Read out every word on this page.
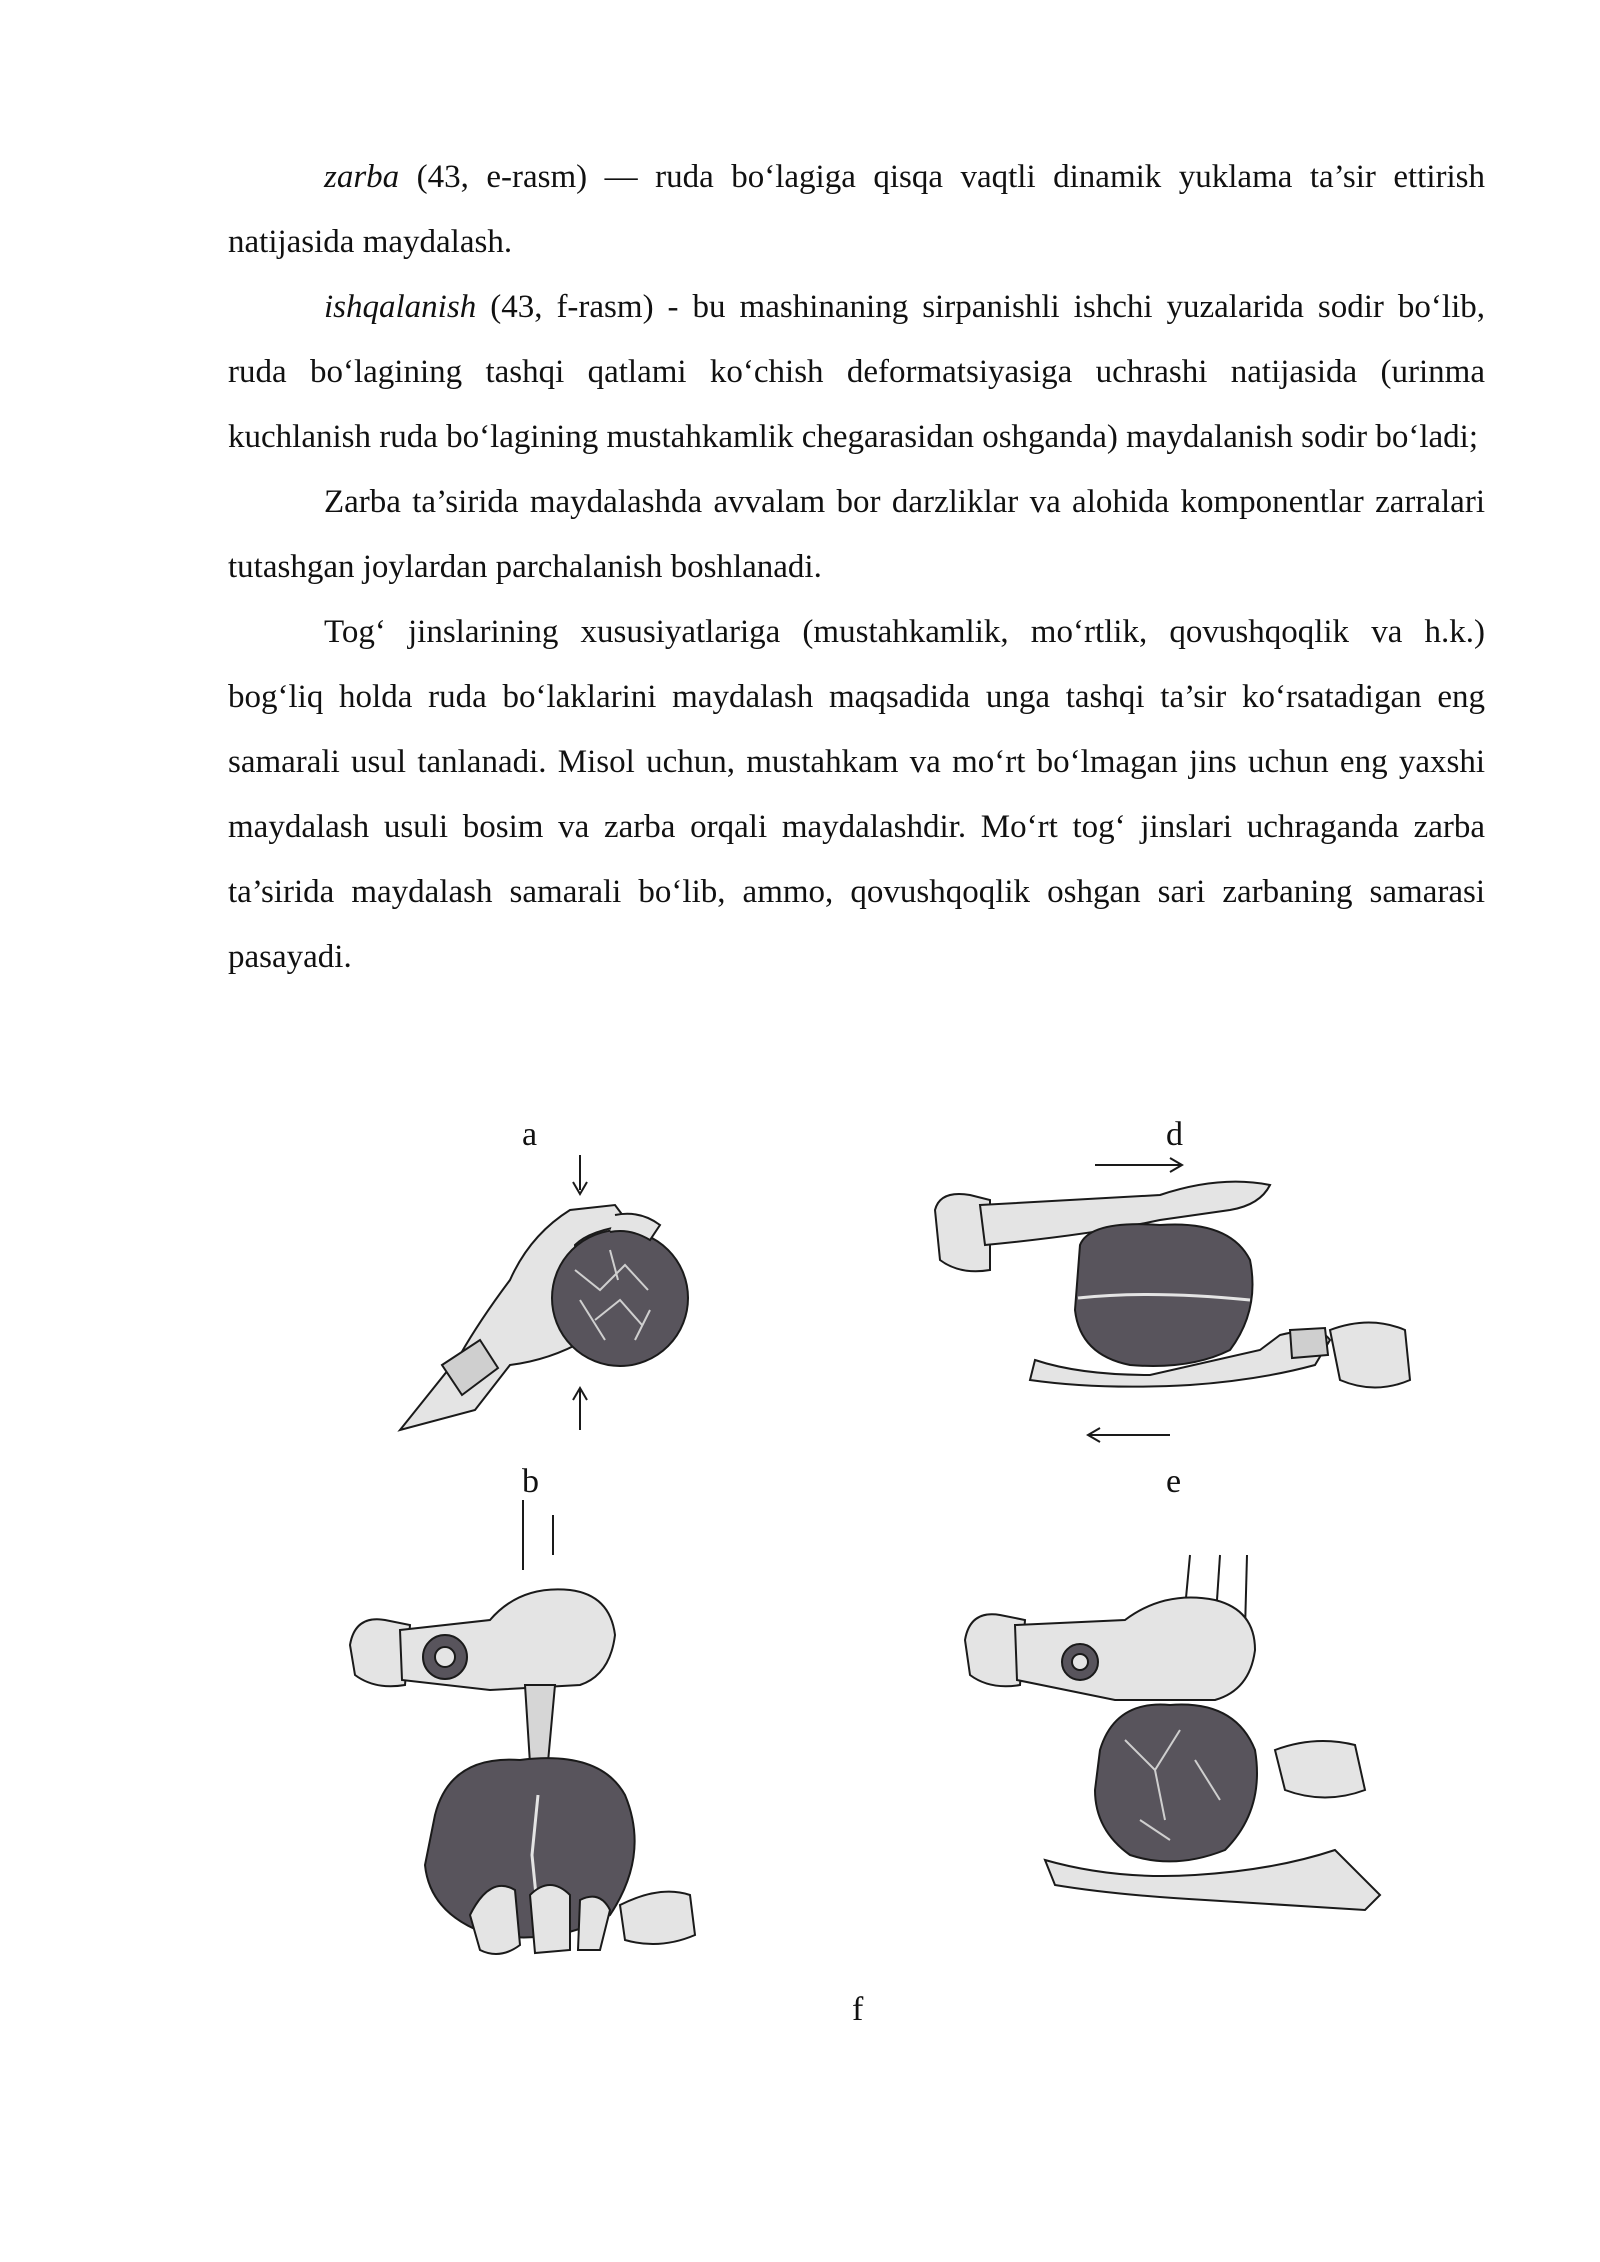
zarba (43, e-rasm) — ruda bo‘lagiga qisqa vaqtli dinamik yuklama ta’sir ettirish natijasida maydalash.

ishqalanish (43, f-rasm) - bu mashinaning sirpanishli ishchi yuzalarida sodir bo‘lib, ruda bo‘lagining tashqi qatlami ko‘chish deformatsiyasiga uchrashi natijasida (urinma kuchlanish ruda bo‘lagining mustahkamlik chegarasidan oshganda) maydalanish sodir bo‘ladi;

Zarba ta’sirida maydalashda avvalam bor darzliklar va alohida komponentlar zarralari tutashgan joylardan parchalanish boshlanadi.

Tog‘ jinslarining xususiyatlariga (mustahkamlik, mo‘rtlik, qovushqoqlik va h.k.) bog‘liq holda ruda bo‘laklarini maydalash maqsadida unga tashqi ta’sir ko‘rsatadigan eng samarali usul tanlanadi. Misol uchun, mustahkam va mo‘rt bo‘lmagan jins uchun eng yaxshi maydalash usuli bosim va zarba orqali maydalashdir. Mo‘rt tog‘ jinslari uchraganda zarba ta’sirida maydalash samarali bo‘lib, ammo, qovushqoqlik oshgan sari zarbaning samarasi pasayadi.

a	d
b	e
f
